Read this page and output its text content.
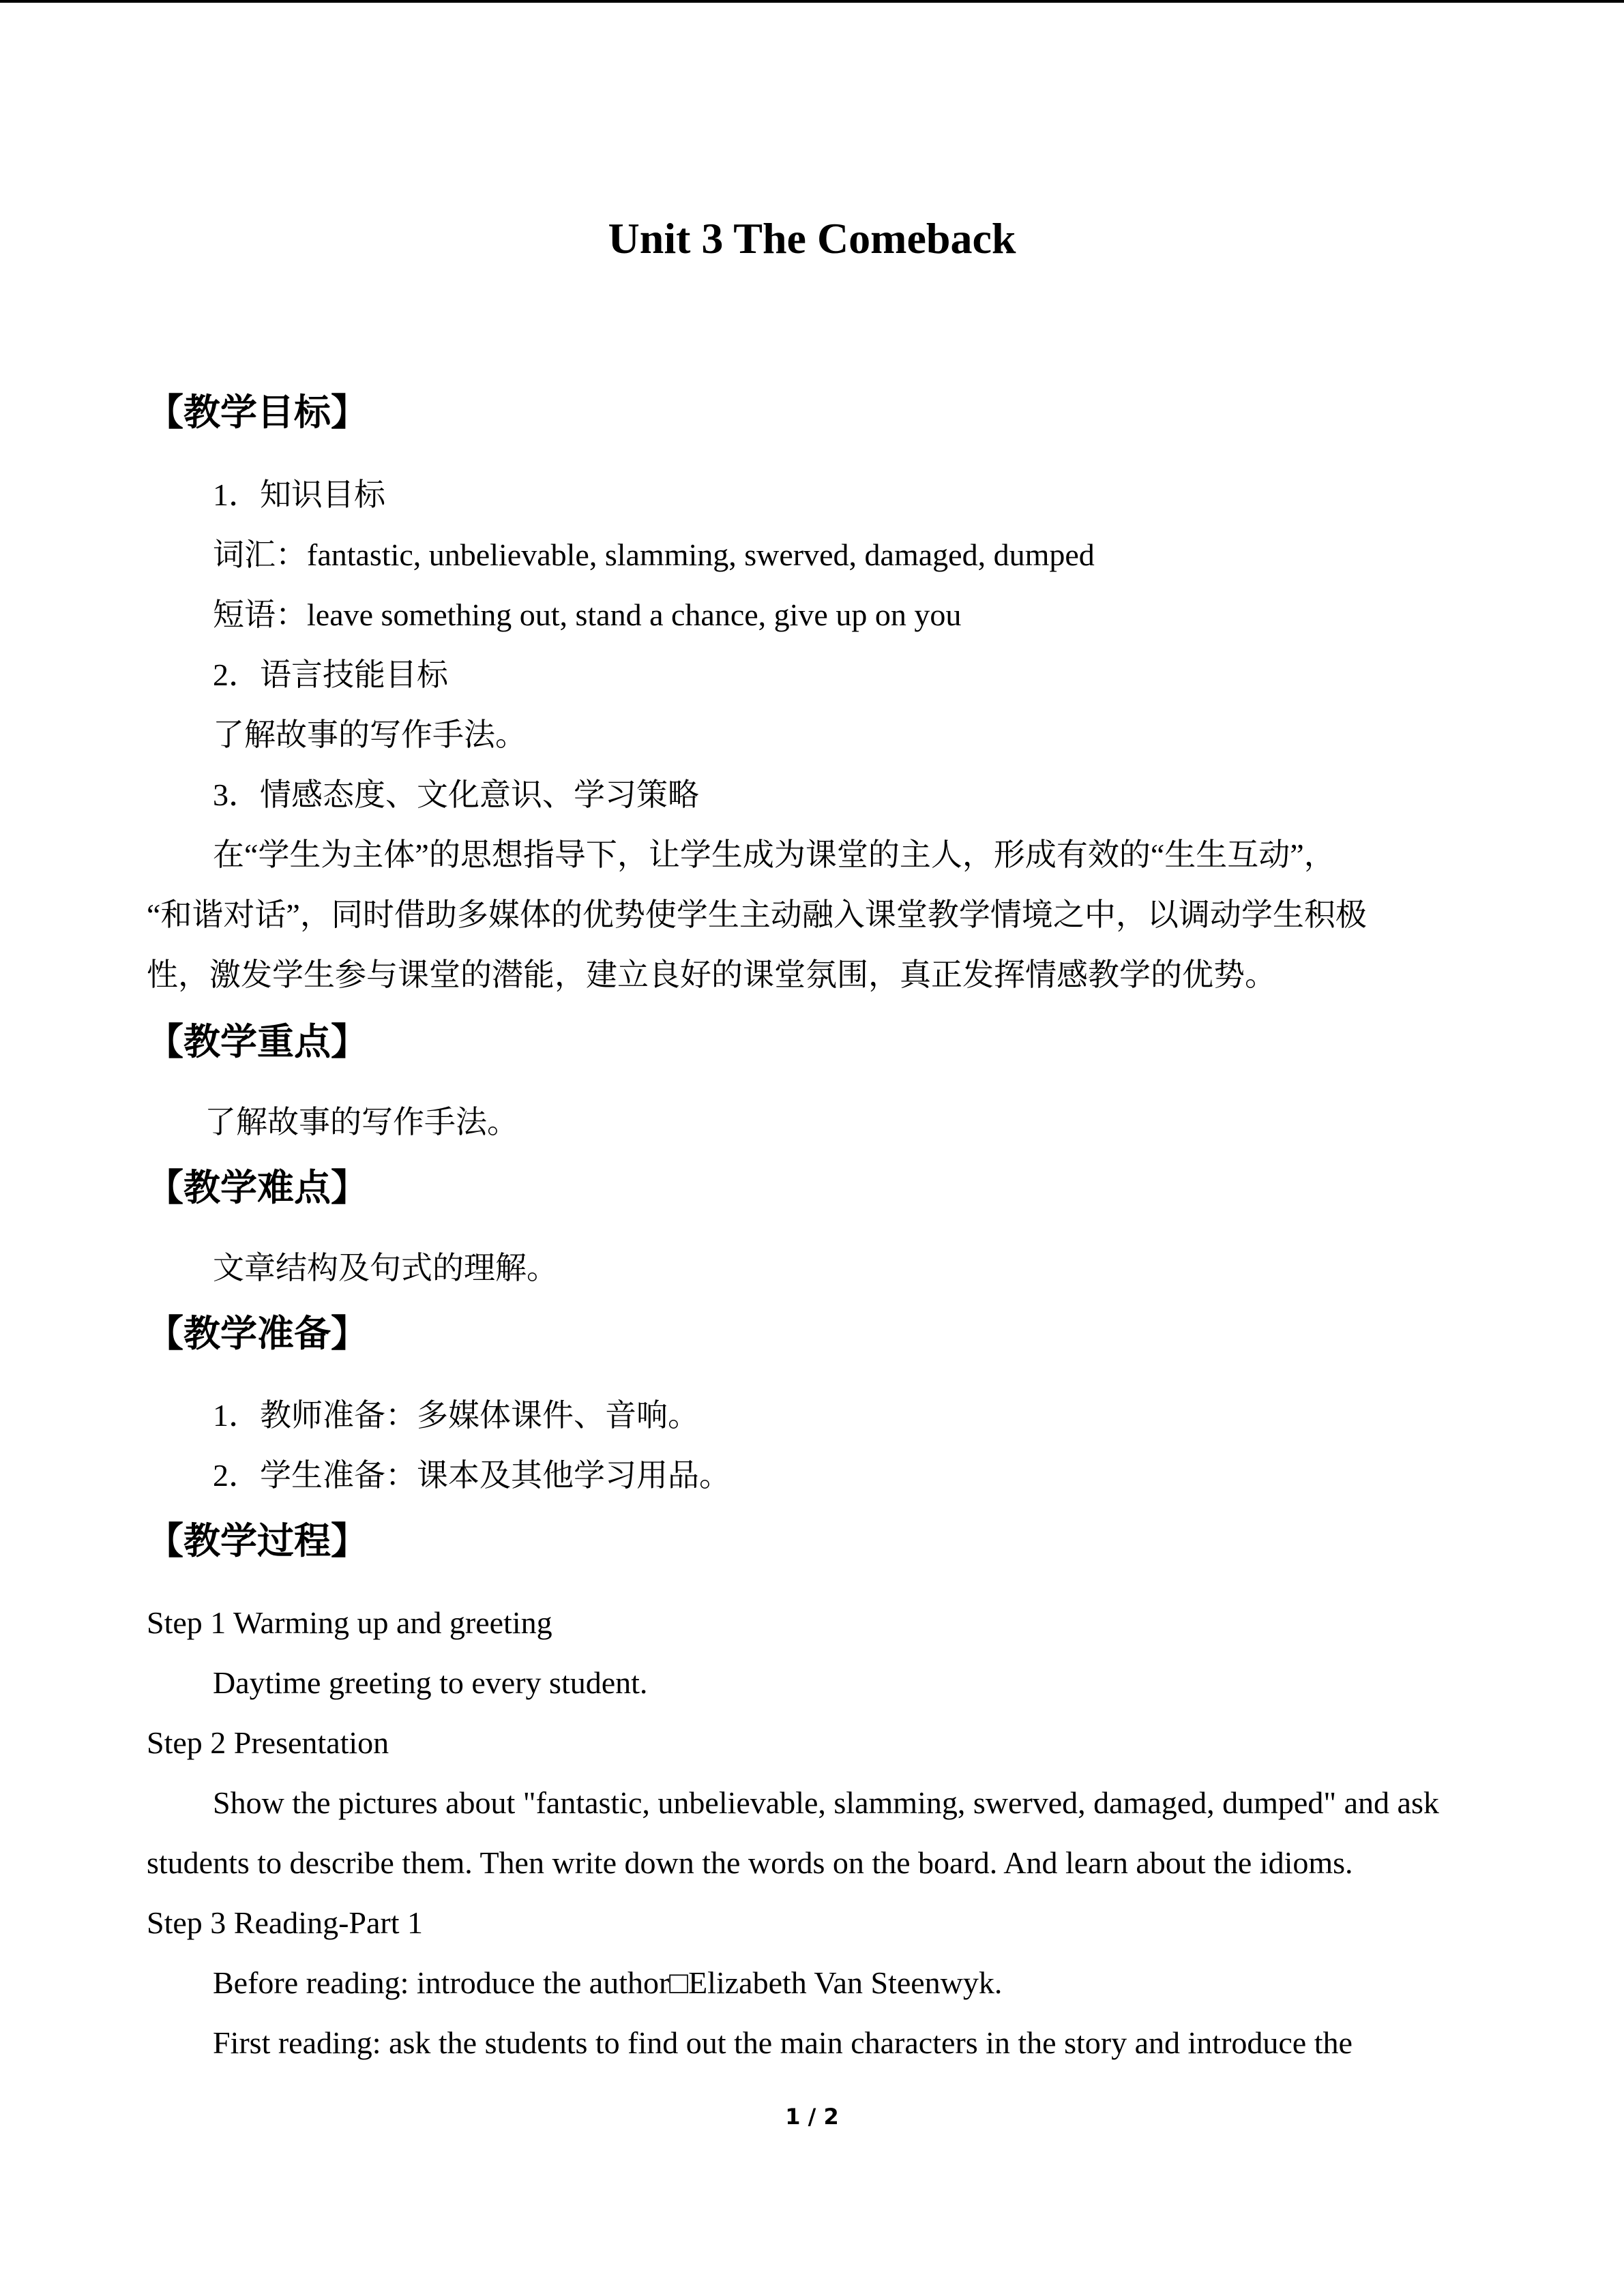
Unit 3 The Comeback
【教学目标】
1．知识目标
词汇：fantastic, unbelievable, slamming, swerved, damaged, dumped
短语：leave something out, stand a chance, give up on you
2．语言技能目标
了解故事的写作手法。
3．情感态度、文化意识、学习策略
在“学生为主体”的思想指导下，让学生成为课堂的主人，形成有效的“生生互动”，
“和谐对话”，同时借助多媒体的优势使学生主动融入课堂教学情境之中，以调动学生积极
性，激发学生参与课堂的潜能，建立良好的课堂氛围，真正发挥情感教学的优势。
【教学重点】
了解故事的写作手法。
【教学难点】
文章结构及句式的理解。
【教学准备】
1．教师准备：多媒体课件、音响。
2．学生准备：课本及其他学习用品。
【教学过程】
Step 1 Warming up and greeting
Daytime greeting to every student.
Step 2 Presentation
Show the pictures about "fantastic, unbelievable, slamming, swerved, damaged, dumped" and ask
students to describe them. Then write down the words on the board. And learn about the idioms.
Step 3 Reading-Part 1
Before reading: introduce the author□Elizabeth Van Steenwyk.
First reading: ask the students to find out the main characters in the story and introduce the
1 / 2
